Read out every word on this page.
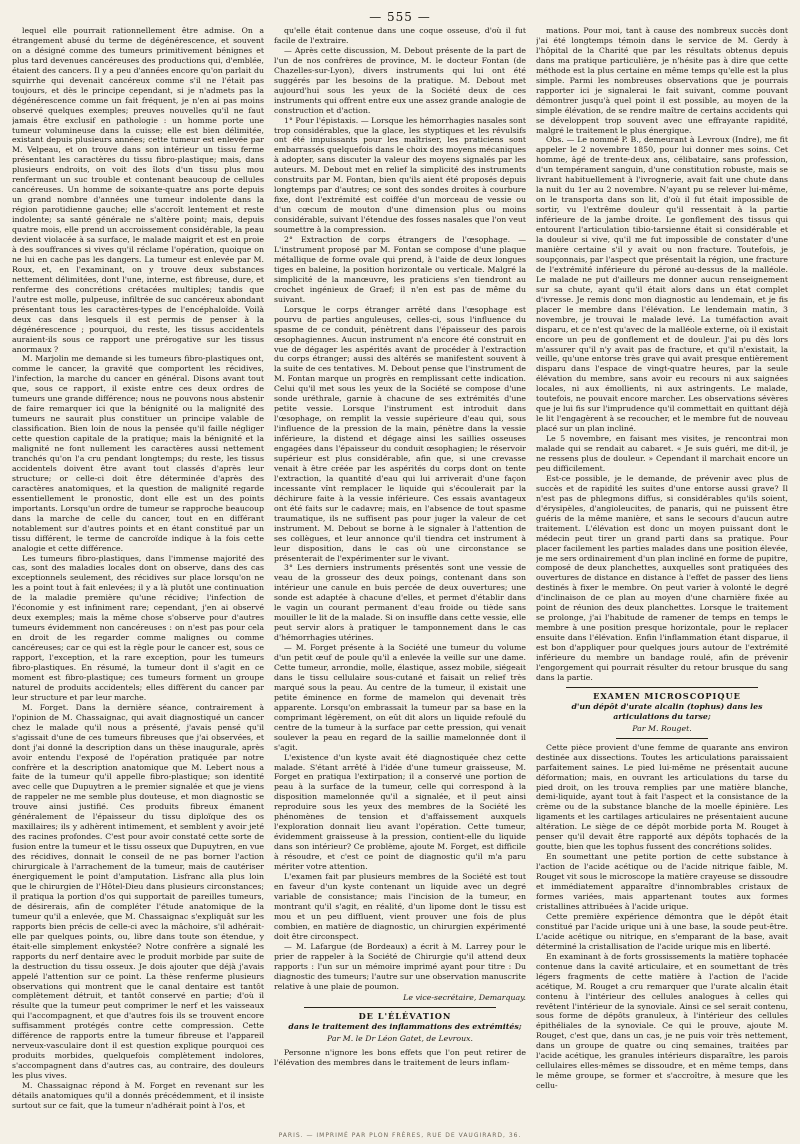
— 555 —

lequel elle pourrait rationnellement être admise. On a étrangement abusé du terme de dégénérescence, et souvent on a désigné comme des tumeurs primitivement bénignes et plus tard devenues cancéreuses des productions qui, d'emblée, étaient des cancers. Il y a peu d'années encore qu'on parlait du squirrhe qui devenait cancéreux comme s'il ne l'était pas toujours, et dès le principe cependant, si je n'admets pas la dégénérescence comme un fait fréquent, je n'en ai pas moins observé quelques exemples; preuves nouvelles qu'il ne faut jamais être exclusif en pathologie : un homme porte une tumeur volumineuse dans la cuisse; elle est bien délimitée, existant depuis plusieurs années; cette tumeur est enlevée par M. Velpeau, et on trouve dans son intérieur un tissu ferme présentant les caractères du tissu fibro-plastique; mais, dans plusieurs endroits, on voit des îlots d'un tissu plus mou renfermant un suc trouble et contenant beaucoup de cellules cancéreuses. Un homme de soixante-quatre ans porte depuis un grand nombre d'années une tumeur indolente dans la région parotidienne gauche; elle s'accroît lentement et reste indolente; sa santé générale ne s'altère point; mais, depuis quatre mois, elle prend un accroissement considérable, la peau devient violacée à sa surface, le malade maigrit et est en proie à des souffrances si vives qu'il réclame l'opération, quoique on ne lui en cache pas les dangers. La tumeur est enlevée par M. Roux, et, en l'examinant, on y trouve deux substances nettement délimitées, dont l'une, interne, est fibreuse, dure, et renferme des concrétions crétacées multiples; tandis que l'autre est molle, pulpeuse, infiltrée de suc cancéreux abondant présentant tous les caractères-types de l'encéphaloïde. Voilà deux cas dans lesquels il est permis de penser à la dégénérescence ; pourquoi, du reste, les tissus accidentels auraient-ils sous ce rapport une prérogative sur les tissus anormaux ?

M. Marjolin me demande si les tumeurs fibro-plastiques ont, comme le cancer, la gravité que comportent les récidives, l'infection, la marche du cancer en général. Disons avant tout que, sous ce rapport, il existe entre ces deux ordres de tumeurs une grande différence; nous ne pouvons nous abstenir de faire remarquer ici que la bénignité ou la malignité des tumeurs ne saurait plus constituer un principe valable de classification. Bien loin de nous la pensée qu'il faille négliger cette question capitale de la pratique; mais la bénignité et la malignité ne font nullement les caractères aussi nettement tranchés qu'on l'a cru pendant longtemps; du reste, les tissus accidentels doivent être avant tout classés d'après leur structure; or celle-ci doit être déterminée d'après des caractères anatomiques, et la question de malignité regarde essentiellement le pronostic, dont elle est un des points importants. Lorsqu'un ordre de tumeur se rapproche beaucoup dans la marche de celle du cancer, tout en en différant notablement sur d'autres points et en étant constitué par un tissu différent, le terme de cancroïde indique à la fois cette analogie et cette différence.

Les tumeurs fibro-plastiques, dans l'immense majorité des cas, sont des maladies locales dont on observe, dans des cas exceptionnels seulement, des récidives sur place lorsqu'on ne les a point tout à fait enlevées; il y a là plutôt une continuation de la maladie première qu'une récidive; l'infection de l'économie y est infiniment rare; cependant, j'en ai observé deux exemples; mais la même chose s'observe pour d'autres tumeurs évidemment non cancéreuses : on n'est pas pour cela en droit de les regarder comme malignes ou comme cancéreuses; car ce qui est la règle pour le cancer est, sous ce rapport, l'exception, et la rare exception, pour les tumeurs fibro-plastiques. En résumé, la tumeur dont il s'agit en ce moment est fibro-plastique; ces tumeurs forment un groupe naturel de produits accidentels; elles diffèrent du cancer par leur structure et par leur marche.

M. Forget. Dans la dernière séance, contrairement à l'opinion de M. Chassaignac, qui avait diagnostiqué un cancer chez le malade qu'il nous a présenté, j'avais pensé qu'il s'agissait d'une de ces tumeurs fibreuses que j'ai observées, et dont j'ai donné la description dans un thèse inaugurale, après avoir entendu l'exposé de l'opération pratiquée par notre confrère et la description anatomique que M. Lebert nous a faite de la tumeur qu'il appelle fibro-plastique; son identité avec celle que Dupuytren a le premier signalée et que je viens de rappeler ne me semble plus douteuse, et mon diagnostic se trouve ainsi justifié. Ces produits fibreux émanent généralement de l'épaisseur du tissu diploïque des os maxillaires; ils y adhèrent intimement, et semblent y avoir jeté des racines profondes. C'est pour avoir constaté cette sorte de fusion entre la tumeur et le tissu osseux que Dupuytren, en vue des récidives, donnait le conseil de ne pas borner l'action chirurgicale à l'arrachement de la tumeur, mais de cautériser énergiquement le point d'amputation. Lisfranc alla plus loin que le chirurgien de l'Hôtel-Dieu dans plusieurs circonstances; il pratiqua la portion d'os qui supportait de pareilles tumeurs, de désirerais, afin de compléter l'étude anatomique de la tumeur qu'il a enlevée, que M. Chassaignac s'expliquât sur les rapports bien précis de celle-ci avec la mâchoire, s'il adhérait-elle par quelques points, ou, libre dans toute son étendue, y était-elle simplement enkystée? Notre confrère a signalé les rapports du nerf dentaire avec le produit morbide par suite de la destruction du tissu osseux. Je dois ajouter que déjà j'avais appelé l'attention sur ce point. La thèse renferme plusieurs observations qui montrent que le canal dentaire est tantôt complètement détruit, et tantôt conservé en partie; d'où il résulte que la tumeur peut comprimer le nerf et les vaisseaux qui l'accompagnent, et que d'autres fois ils se trouvent encore suffisamment protégés contre cette compression. Cette différence de rapports entre la tumeur fibreuse et l'appareil nerveux-vasculaire dont il est question explique pourquoi ces produits morbides, quelquefois complètement indolores, s'accompagnent dans d'autres cas, au contraire, des douleurs les plus vives.

M. Chassaignac répond à M. Forget en revenant sur les détails anatomiques qu'il a donnés précédemment, et il insiste surtout sur ce fait, que la tumeur n'adhérait point à l'os, et

qu'elle était contenue dans une coque osseuse, d'où il fut facile de l'extraire.

— Après cette discussion, M. Debout présente de la part de l'un de nos confrères de province, M. le docteur Fontan (de Chazelles-sur-Lyon), divers instruments qui lui ont été suggérés par les besoins de la pratique. M. Debout met aujourd'hui sous les yeux de la Société deux de ces instruments qui offrent entre eux une assez grande analogie de construction et d'action.

1° Pour l'épistaxis. — Lorsque les hémorrhagies nasales sont trop considérables, que la glace, les styptiques et les révulsifs ont été impuissants pour les maîtriser, les praticiens sont embarrassés quelquefois dans le choix des moyens mécaniques à adopter, sans discuter la valeur des moyens signalés par les auteurs. M. Debout met en relief la simplicité des instruments construits par M. Fontan, bien qu'ils aient été proposés depuis longtemps par d'autres; ce sont des sondes droites à courbure fixe, dont l'extrémité est coiffée d'un morceau de vessie ou d'un cœcum de mouton d'une dimension plus ou moins considérable, suivant l'étendue des fosses nasales que l'on veut soumettre à la compression.

2° Extraction de corps étrangers de l'œsophage. — L'instrument proposé par M. Fontan se compose d'une plaque métallique de forme ovale qui prend, à l'aide de deux longues tiges en baleine, la position horizontale ou verticale. Malgré la simplicité de la manœuvre, les praticiens s'en tiendront au crochet ingénieux de Graef; il n'en est pas de même du suivant.

Lorsque le corps étranger arrêté dans l'œsophage est pourvu de parties anguleuses, celles-ci, sous l'influence du spasme de ce conduit, pénètrent dans l'épaisseur des parois œsophagiennes. Aucun instrument n'a encore été construit en vue de dégager les aspérités avant de procéder à l'extraction du corps étranger; aussi des altérés se manifestent souvent à la suite de ces tentatives. M. Debout pense que l'instrument de M. Fontan marque un progrès en remplissant cette indication. Celui qu'il met sous les yeux de la Société se compose d'une sonde uréthrale, garnie à chacune de ses extrémités d'une petite vessie. Lorsque l'instrument est introduit dans l'œsophage, on remplit la vessie supérieure d'eau qui, sous l'influence de la pression de la main, pénètre dans la vessie inférieure, la distend et dégage ainsi les saillies osseuses engagées dans l'épaisseur du conduit œsophagien; le réservoir supérieur est plus considérable, afin que, si une crevasse venait à être créée par les aspérités du corps dont on tente l'extraction, la quantité d'eau qui lui arriverait d'une façon incessante vînt remplacer le liquide qui s'écoulerait par la déchirure faite à la vessie inférieure. Ces essais avantageux ont été faits sur le cadavre; mais, en l'absence de tout spasme traumatique, ils ne suffisent pas pour juger la valeur de cet instrument. M. Debout se borne à le signaler à l'attention de ses collègues, et leur annonce qu'il tiendra cet instrument à leur disposition, dans le cas où une circonstance se présenterait de l'expérimenter sur le vivant.

3° Les derniers instruments présentés sont une vessie de veau de la grosseur des deux poings, contenant dans son intérieur une canule en buis percée de deux ouvertures; une sonde est adaptée à chacune d'elles, et permet d'établir dans le vagin un courant permanent d'eau froide ou tiède sans mouiller le lit de la malade. Si on insuffle dans cette vessie, elle peut servir alors à pratiquer le tamponnement dans le cas d'hémorrhagies utérines.

— M. Forget présente à la Société une tumeur du volume d'un petit œuf de poule qu'il a enlevée la veille sur une dame. Cette tumeur, arrondie, molle, élastique, assez mobile, siégeait dans le tissu cellulaire sous-cutané et faisait un relief très marqué sous la peau. Au centre de la tumeur, il existait une petite éminence en forme de mamelon qui devenait très apparente. Lorsqu'on embrassait la tumeur par sa base en la comprimant légèrement, on eût dit alors un liquide refoulé du centre de la tumeur à la surface par cette pression, qui venait soulever la peau en regard de la saillie mamelonnée dont il s'agit.

L'existence d'un kyste avait été diagnostiquée chez cette malade. S'étant arrêté à l'idée d'une tumeur graisseuse, M. Forget en pratiqua l'extirpation; il a conservé une portion de peau à la surface de la tumeur, celle qui correspond à la disposition mamelonnée qu'il a signalée, et il peut ainsi reproduire sous les yeux des membres de la Société les phénomènes de tension et d'affaissement auxquels l'exploration donnait lieu avant l'opération. Cette tumeur, évidemment graisseuse à la pression, contient-elle du liquide dans son intérieur? Ce problème, ajoute M. Forget, est difficile à résoudre, et c'est ce point de diagnostic qu'il m'a paru mériter votre attention.

L'examen fait par plusieurs membres de la Société est tout en faveur d'un kyste contenant un liquide avec un degré variable de consistance; mais l'incision de la tumeur, en montrant qu'il s'agit, en réalité, d'un lipome dont le tissu est mou et un peu diffluent, vient prouver une fois de plus combien, en matière de diagnostic, un chirurgien expérimenté doit être circonspect.

— M. Lafargue (de Bordeaux) a écrit à M. Larrey pour le prier de rappeler à la Société de Chirurgie qu'il attend deux rapports : l'un sur un mémoire imprimé ayant pour titre : Du diagnostic des tumeurs; l'autre sur une observation manuscrite relative à une plaie de poumon.

Le vice-secrétaire, Demarquay.

DE L'ÉLÉVATION

dans le traitement des inflammations des extrémités;

Par M. le Dr Léon Gatet, de Levroux.

Personne n'ignore les bons effets que l'on peut retirer de l'élévation des membres dans le traitement de leurs inflam-

mations. Pour moi, tant à cause des nombreux succès dont j'ai été longtemps témoin dans le service de M. Gerdy à l'hôpital de la Charité que par les résultats obtenus depuis dans ma pratique particulière, je n'hésite pas à dire que cette méthode est la plus certaine en même temps qu'elle est la plus simple. Parmi les nombreuses observations que je pourrais rapporter ici je signalerai le fait suivant, comme pouvant démontrer jusqu'à quel point il est possible, au moyen de la simple élévation, de se rendre maître de certains accidents qui se développent trop souvent avec une effrayante rapidité, malgré le traitement le plus énergique.

Obs. — Le nommé P. B., demeurant à Levroux (Indre), me fit appeler le 2 novembre 1850, pour lui donner mes soins. Cet homme, âgé de trente-deux ans, célibataire, sans profession, d'un tempérament sanguin, d'une constitution robuste, mais se livrant habituellement à l'ivrognerie, avait fait une chute dans la nuit du 1er au 2 novembre. N'ayant pu se relever lui-même, on le transporta dans son lit, d'où il fut était impossible de sortir, vu l'extrême douleur qu'il ressentait à la partie inférieure de la jambe droite. Le gonflement des tissus qui entourent l'articulation tibio-tarsienne était si considérable et la douleur si vive, qu'il me fut impossible de constater d'une manière certaine s'il y avait ou non fracture. Toutefois, je soupçonnais, par l'aspect que présentait la région, une fracture de l'extrémité inférieure du péroné au-dessus de la malléole. Le malade ne put d'ailleurs me donner aucun renseignement sur sa chute, ayant qu'il était alors dans un état complet d'ivresse. Je remis donc mon diagnostic au lendemain, et je fis placer le membre dans l'élévation. Le lendemain matin, 3 novembre, je trouvai le malade levé. La tuméfaction avait disparu, et ce n'est qu'avec de la malléole externe, où il existait encore un peu de gonflement et de douleur. J'ai pu dès lors m'assurer qu'il n'y avait pas de fracture, et qu'il n'existait, la veille, qu'une entorse très grave qui avait presque entièrement disparu dans l'espace de vingt-quatre heures, par la seule élévation du membre, sans avoir eu recours ni aux saignées locales, ni aux émollients, ni aux astringents. Le malade, toutefois, ne pouvait encore marcher. Les observations sévères que je lui fis sur l'imprudence qu'il commettait en quittant déjà le lit l'engagèrent à se recoucher, et le membre fut de nouveau placé sur un plan incliné.

Le 5 novembre, en faisant mes visites, je rencontrai mon malade qui se rendait au cabaret. « Je suis guéri, me dit-il, je ne ressens plus de douleur. » Cependant il marchait encore un peu difficilement.

Est-ce possible, je le demande, de prévenir avec plus de succès et de rapidité les suites d'une entorse aussi grave? Il n'est pas de phlegmons diffus, si considérables qu'ils soient, d'érysipèles, d'angioleucites, de panaris, qui ne puissent être guéris de la même manière, et sans le secours d'aucun autre traitement. L'élévation est donc un moyen puissant dont le médecin peut tirer un grand parti dans sa pratique. Pour placer facilement les parties malades dans une position élevée, je me sers ordinairement d'un plan incliné en forme de pupitre, composé de deux planchettes, auxquelles sont pratiquées des ouvertures de distance en distance à l'effet de passer des liens destinés à fixer le membre. On peut varier à volonté le degré d'inclinaison de ce plan au moyen d'une charnière fixée au point de réunion des deux planchettes. Lorsque le traitement se prolonge, j'ai l'habitude de ramener de temps en temps le membre à une position presque horizontale, pour le replacer ensuite dans l'élévation. Enfin l'inflammation étant disparue, il est bon d'appliquer pour quelques jours autour de l'extrémité inférieure du membre un bandage roulé, afin de prévenir l'engorgement qui pourrait résulter du retour brusque du sang dans la partie.

EXAMEN MICROSCOPIQUE

d'un dépôt d'urate alcalin (tophus) dans les articulations du tarse;

Par M. Rouget.

Cette pièce provient d'une femme de quarante ans environ destinée aux dissections. Toutes les articulations paraissaient parfaitement saines. Le pied lui-même ne présentait aucune déformation; mais, en ouvrant les articulations du tarse du pied droit, on les trouva remplies par une matière blanche, demi-liquide, ayant tout à fait l'aspect et la consistance de la crème ou de la substance blanche de la moelle épinière. Les ligaments et les cartilages articulaires ne présentaient aucune altération. Le siège de ce dépôt morbide porta M. Rouget à penser qu'il devait être rapporté aux dépôts tophacés de la goutte, bien que les tophus fussent des concrétions solides.

En soumettant une petite portion de cette substance à l'action de l'acide acétique ou de l'acide nitrique faible, M. Rouget vit sous le microscope la matière crayeuse se dissoudre et immédiatement apparaître d'innombrables cristaux de formes variées, mais appartenant toutes aux formes cristallines attribuées à l'acide urique.

Cette première expérience démontra que le dépôt était constitué par l'acide urique uni à une base, la soude peut-être. L'acide acétique ou nitrique, en s'emparant de la base, avait déterminé la cristallisation de l'acide urique mis en liberté.

En examinant à de forts grossissements la matière tophacée contenue dans la cavité articulaire, et en soumettant de très légers fragments de cette matière à l'action de l'acide acétique, M. Rouget a cru remarquer que l'urate alcalin était contenu à l'intérieur des cellules analogues à celles qui revêtent l'intérieur de la synoviale. Ainsi ce sel serait contenu, sous forme de dépôts granuleux, à l'intérieur des cellules épithéliales de la synoviale. Ce qui le prouve, ajoute M. Rouget, c'est que, dans un cas, je ne puis voir très nettement, dans un groupe de quatre ou cinq semaines, traitées par l'acide acétique, les granules intérieurs disparaître, les parois cellulaires elles-mêmes se dissoudre, et en même temps, dans le même groupe, se former et s'accroître, à mesure que les cellu-

PARIS. — IMPRIMÉ PAR PLON FRÈRES, RUE DE VAUGIRARD, 36.
